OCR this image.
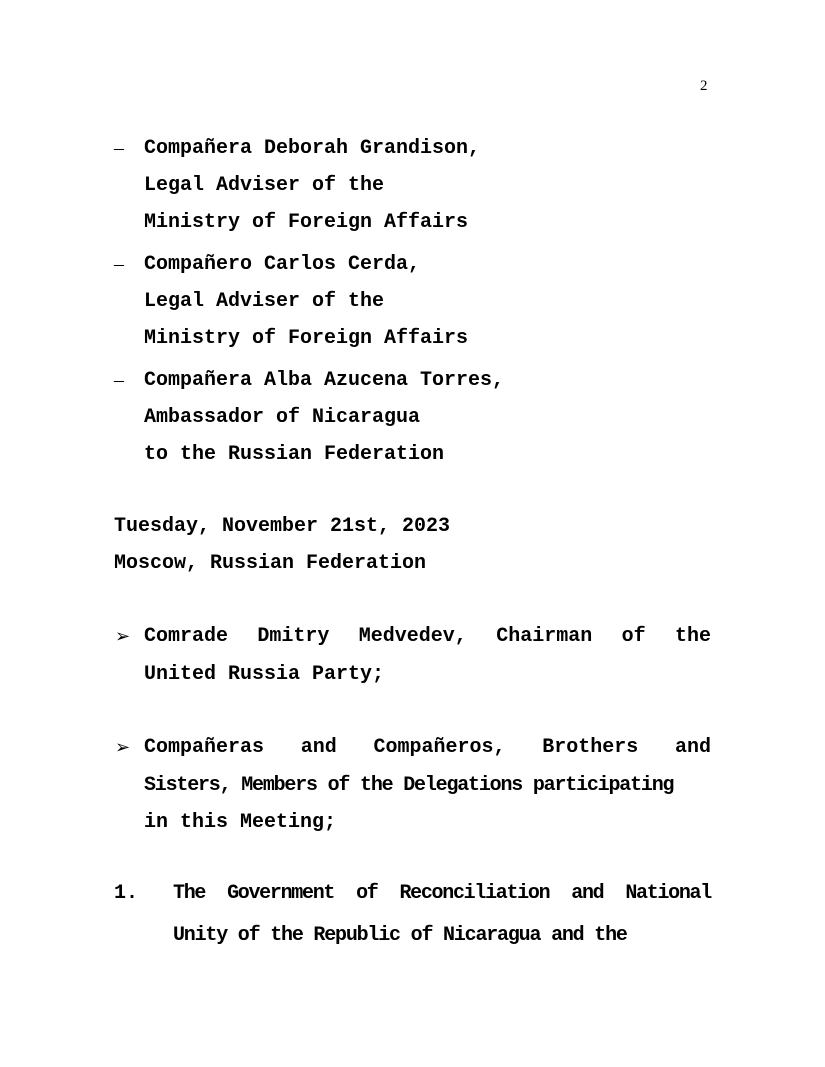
2
– Compañera Deborah Grandison,
Legal Adviser of the
Ministry of Foreign Affairs
– Compañero Carlos Cerda,
Legal Adviser of the
Ministry of Foreign Affairs
– Compañera Alba Azucena Torres,
Ambassador of Nicaragua
to the Russian Federation
Tuesday, November 21st, 2023
Moscow, Russian Federation
➢ Comrade Dmitry Medvedev, Chairman of the
United Russia Party;
➢ Compañeras and Compañeros, Brothers and
Sisters, Members of the Delegations participating
in this Meeting;
1. The Government of Reconciliation and National
Unity of the Republic of Nicaragua and the
